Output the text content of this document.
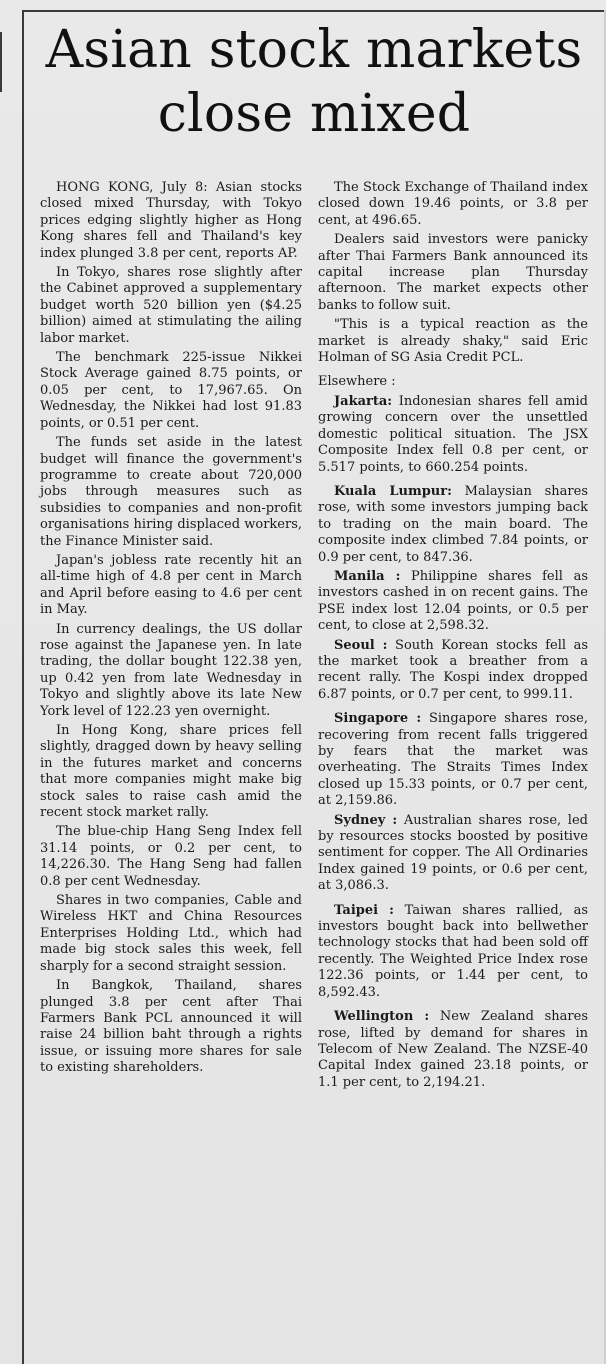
Asian stock markets close mixed

HONG KONG, July 8: Asian stocks closed mixed Thursday, with Tokyo prices edging slightly higher as Hong Kong shares fell and Thailand's key index plunged 3.8 per cent, reports AP.

In Tokyo, shares rose slightly after the Cabinet approved a supplementary budget worth 520 billion yen ($4.25 billion) aimed at stimulating the ailing labor market.

The benchmark 225-issue Nikkei Stock Average gained 8.75 points, or 0.05 per cent, to 17,967.65. On Wednesday, the Nikkei had lost 91.83 points, or 0.51 per cent.

The funds set aside in the latest budget will finance the government's programme to create about 720,000 jobs through measures such as subsidies to companies and non-profit organisations hiring displaced workers, the Finance Minister said.

Japan's jobless rate recently hit an all-time high of 4.8 per cent in March and April before easing to 4.6 per cent in May.

In currency dealings, the US dollar rose against the Japanese yen. In late trading, the dollar bought 122.38 yen, up 0.42 yen from late Wednesday in Tokyo and slightly above its late New York level of 122.23 yen overnight.

In Hong Kong, share prices fell slightly, dragged down by heavy selling in the futures market and concerns that more companies might make big stock sales to raise cash amid the recent stock market rally.

The blue-chip Hang Seng Index fell 31.14 points, or 0.2 per cent, to 14,226.30. The Hang Seng had fallen 0.8 per cent Wednesday.

Shares in two companies, Cable and Wireless HKT and China Resources Enterprises Holding Ltd., which had made big stock sales this week, fell sharply for a second straight session.

In Bangkok, Thailand, shares plunged 3.8 per cent after Thai Farmers Bank PCL announced it will raise 24 billion baht through a rights issue, or issuing more shares for sale to existing shareholders.

The Stock Exchange of Thailand index closed down 19.46 points, or 3.8 per cent, at 496.65.

Dealers said investors were panicky after Thai Farmers Bank announced its capital increase plan Thursday afternoon. The market expects other banks to follow suit.

"This is a typical reaction as the market is already shaky," said Eric Holman of SG Asia Credit PCL.

Elsewhere :

Jakarta: Indonesian shares fell amid growing concern over the unsettled domestic political situation. The JSX Composite Index fell 0.8 per cent, or 5.517 points, to 660.254 points.

Kuala Lumpur: Malaysian shares rose, with some investors jumping back to trading on the main board. The composite index climbed 7.84 points, or 0.9 per cent, to 847.36.

Manila : Philippine shares fell as investors cashed in on recent gains. The PSE index lost 12.04 points, or 0.5 per cent, to close at 2,598.32.

Seoul : South Korean stocks fell as the market took a breather from a recent rally. The Kospi index dropped 6.87 points, or 0.7 per cent, to 999.11.

Singapore : Singapore shares rose, recovering from recent falls triggered by fears that the market was overheating. The Straits Times Index closed up 15.33 points, or 0.7 per cent, at 2,159.86.

Sydney : Australian shares rose, led by resources stocks boosted by positive sentiment for copper. The All Ordinaries Index gained 19 points, or 0.6 per cent, at 3,086.3.

Taipei : Taiwan shares rallied, as investors bought back into bellwether technology stocks that had been sold off recently. The Weighted Price Index rose 122.36 points, or 1.44 per cent, to 8,592.43.

Wellington : New Zealand shares rose, lifted by demand for shares in Telecom of New Zealand. The NZSE-40 Capital Index gained 23.18 points, or 1.1 per cent, to 2,194.21.
